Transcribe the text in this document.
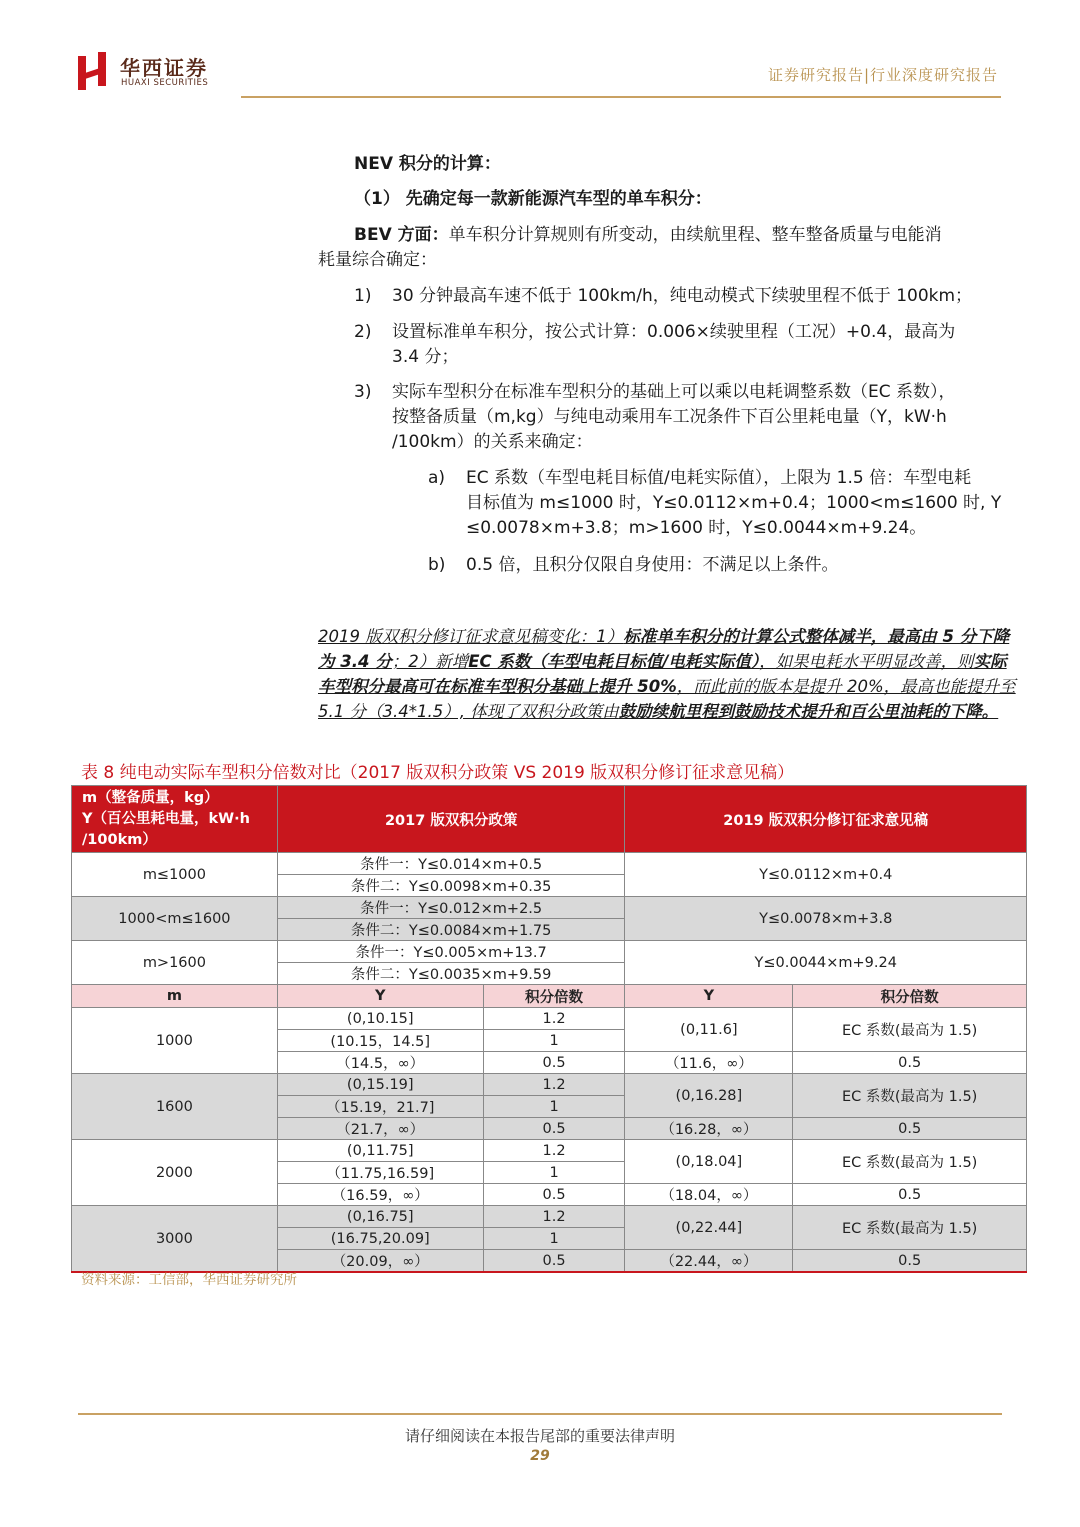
华西证券
HUAXI SECURITIES	证券研究报告|行业深度研究报告
NEV 积分的计算：
（1） 先确定每一款新能源汽车型的单车积分：
BEV 方面：单车积分计算规则有所变动，由续航里程、整车整备质量与电能消
耗量综合确定：
1) 30 分钟最高车速不低于 100km/h，纯电动模式下续驶里程不低于 100km；
2) 设置标准单车积分，按公式计算：0.006×续驶里程（工况）+0.4，最高为
3.4 分；
3) 实际车型积分在标准车型积分的基础上可以乘以电耗调整系数（EC 系数），
按整备质量（m,kg）与纯电动乘用车工况条件下百公里耗电量（Y，kW·h
/100km）的关系来确定：
a) EC 系数（车型电耗目标值/电耗实际值），上限为 1.5 倍：车型电耗
目标值为 m≤1000 时，Y≤0.0112×m+0.4；1000<m≤1600 时, Y
≤0.0078×m+3.8；m>1600 时，Y≤0.0044×m+9.24。
b) 0.5 倍，且积分仅限自身使用：不满足以上条件。
2019 版双积分修订征求意见稿变化：1）标准单车积分的计算公式整体减半，最高由 5 分下降为 3.4 分；2）新增EC 系数（车型电耗目标值/电耗实际值），如果电耗水平明显改善，则实际车型积分最高可在标准车型积分基础上提升 50%，而此前的版本是提升 20%，最高也能提升至 5.1 分（3.4*1.5）, 体现了双积分政策由鼓励续航里程到鼓励技术提升和百公里油耗的下降。
表 8 纯电动实际车型积分倍数对比（2017 版双积分政策 VS 2019 版双积分修订征求意见稿）
m（整备质量，kg）
Y（百公里耗电量，kW·h
/100km）	2017 版双积分政策		2019 版双积分修订征求意见稿	
m≤1000	条件一：Y≤0.014×m+0.5		Y≤0.0112×m+0.4	
	条件二：Y≤0.0098×m+0.35			
1000<m≤1600	条件一：Y≤0.012×m+2.5		Y≤0.0078×m+3.8	
	条件二：Y≤0.0084×m+1.75			
m>1600	条件一：Y≤0.005×m+13.7		Y≤0.0044×m+9.24	
	条件二：Y≤0.0035×m+9.59			
m	Y	积分倍数	Y	积分倍数
1000	(0,10.15]	1.2	(0,11.6]	EC 系数(最高为 1.5)
	(10.15，14.5]	1		
	（14.5，∞）	0.5	（11.6，∞）	0.5
1600	(0,15.19]	1.2	(0,16.28]	EC 系数(最高为 1.5)
	（15.19，21.7]	1		
	（21.7，∞）	0.5	（16.28，∞）	0.5
2000	(0,11.75]	1.2	(0,18.04]	EC 系数(最高为 1.5)
	（11.75,16.59]	1		
	（16.59，∞）	0.5	（18.04，∞）	0.5
3000	(0,16.75]	1.2	(0,22.44]	EC 系数(最高为 1.5)
	(16.75,20.09]	1		
	（20.09，∞）	0.5	（22.44，∞）	0.5
资料来源：工信部，华西证券研究所
请仔细阅读在本报告尾部的重要法律声明
29
